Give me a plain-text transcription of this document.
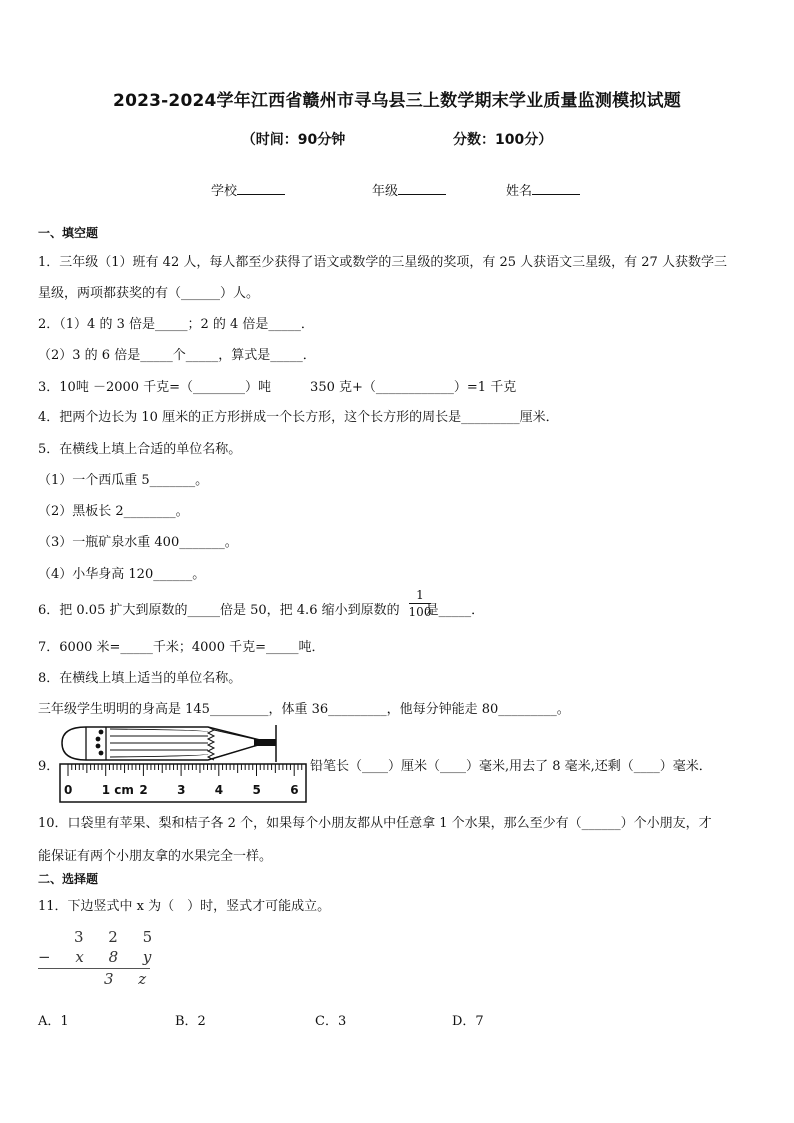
2023-2024学年江西省赣州市寻乌县三上数学期末学业质量监测模拟试题
（时间：90分钟	分数：100分）
学校	年级	姓名
一、填空题
1．三年级（1）班有 42 人，每人都至少获得了语文或数学的三星级的奖项，有 25 人获语文三星级，有 27 人获数学三
星级，两项都获奖的有（______）人。
2．（1）4 的 3 倍是_____；2 的 4 倍是_____．
（2）3 的 6 倍是_____个_____，算式是_____．
3．10吨 －2000 千克=（________）吨　　　350 克+（____________）=1 千克
4．把两个边长为 10 厘米的正方形拼成一个长方形，这个长方形的周长是_________厘米．
5．在横线上填上合适的单位名称。
（1）一个西瓜重 5_______。
（2）黑板长 2________。
（3）一瓶矿泉水重 400_______。
（4）小华身高 120______。
6．把 0.05 扩大到原数的_____倍是 50，把 4.6 缩小到原数的 是_____．
1
100
7．6000 米=_____千米；4000 千克=_____吨．
8．在横线上填上适当的单位名称。
三年级学生明明的身高是 145_________，体重 36_________，他每分钟能走 80_________。
9．
0 1 cm 2 3 4 5 6
铅笔长（____）厘米（____）毫米,用去了 8 毫米,还剩（____）毫米．
10．口袋里有苹果、梨和桔子各 2 个，如果每个小朋友都从中任意拿 1 个水果，那么至少有（______）个小朋友，才
能保证有两个小朋友拿的水果完全一样。
二、选择题
11．下边竖式中 x 为（　）时，竖式才可能成立。
3 2 5
− x 8 y
3 z
A．1	B．2	C．3	D．7
